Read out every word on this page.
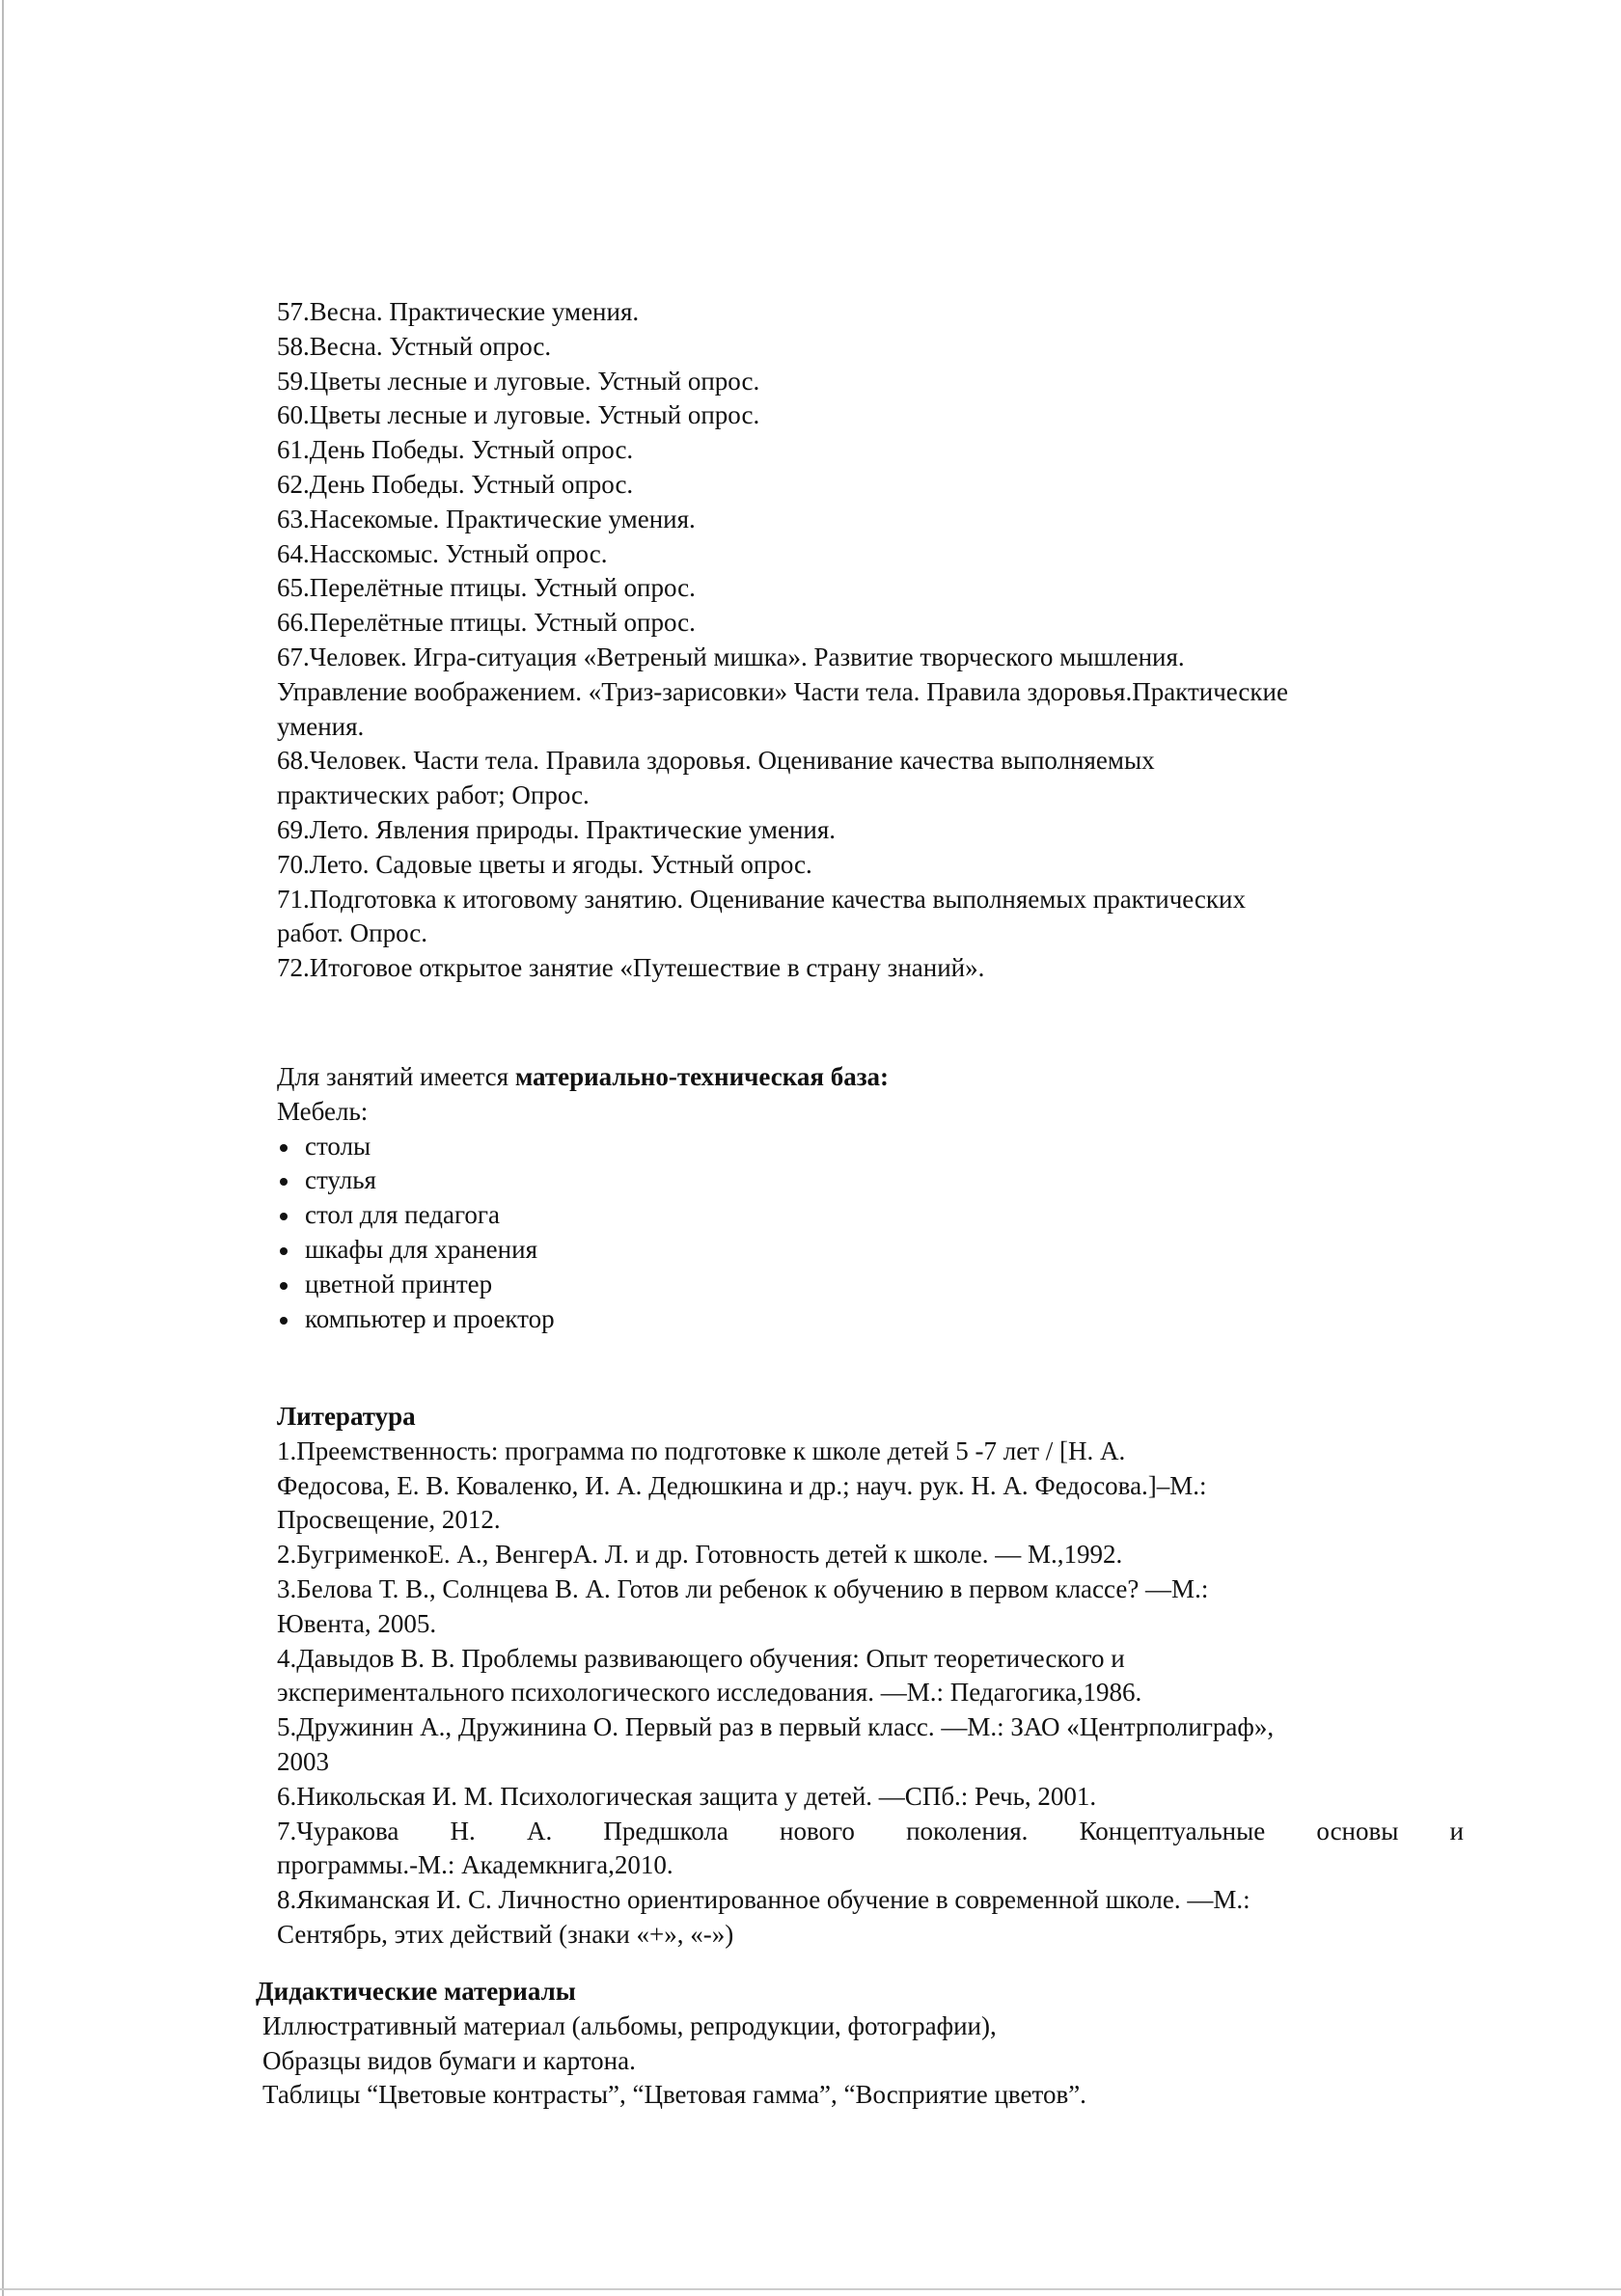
57.Весна. Практические умения.
58.Весна. Устный опрос.
59.Цветы лесные и луговые. Устный опрос.
60.Цветы лесные и луговые. Устный опрос.
61.День Победы. Устный опрос.
62.День Победы. Устный опрос.
63.Насекомые. Практические умения.
64.Насскомыс. Устный опрос.
65.Перелётные птицы. Устный опрос.
66.Перелётные птицы. Устный опрос.
67.Человек. Игра-ситуация «Ветреный мишка». Развитие творческого мышления.
Управление воображением. «Триз-зарисовки» Части тела. Правила здоровья.Практические
умения.
68.Человек. Части тела. Правила здоровья. Оценивание качества выполняемых
практических работ; Опрос.
69.Лето. Явления природы. Практические умения.
70.Лето. Садовые цветы и ягоды. Устный опрос.
71.Подготовка к итоговому занятию. Оценивание качества выполняемых практических
работ. Опрос.
72.Итоговое открытое занятие «Путешествие в страну знаний».
Для занятий имеется материально-техническая база:
Мебель:
столы
стулья
стол для педагога
шкафы для хранения
цветной принтер
компьютер и проектор
Литература
1.Преемственность: программа по подготовке к школе детей 5 -7 лет / [Н. А.
Федосова, Е. В. Коваленко, И. А. Дедюшкина и др.; науч. рук. Н. А. Федосова.]–М.:
Просвещение, 2012.
2.БугрименкоЕ. А., ВенгерА. Л. и др. Готовность детей к школе. — М.,1992.
3.Белова Т. В., Солнцева В. А. Готов ли ребенок к обучению в первом классе? —М.:
Ювента, 2005.
4.Давыдов В. В. Проблемы развивающего обучения: Опыт теоретического и
экспериментального психологического исследования. —М.: Педагогика,1986.
5.Дружинин А., Дружинина О. Первый раз в первый класс. —М.: ЗАО «Центрполиграф»,
2003
6.Никольская И. М. Психологическая защита у детей. —СПб.: Речь, 2001.
7.Чуракова Н. А. Предшкола нового поколения. Концептуальные основы и
программы.-М.: Академкнига,2010.
8.Якиманская И. С. Личностно ориентированное обучение в современной школе. —М.:
Сентябрь, этих действий (знаки «+», «-»)
Дидактические материалы
Иллюстративный материал (альбомы, репродукции, фотографии),
Образцы видов бумаги и картона.
Таблицы “Цветовые контрасты”, “Цветовая гамма”, “Восприятие цветов”.
